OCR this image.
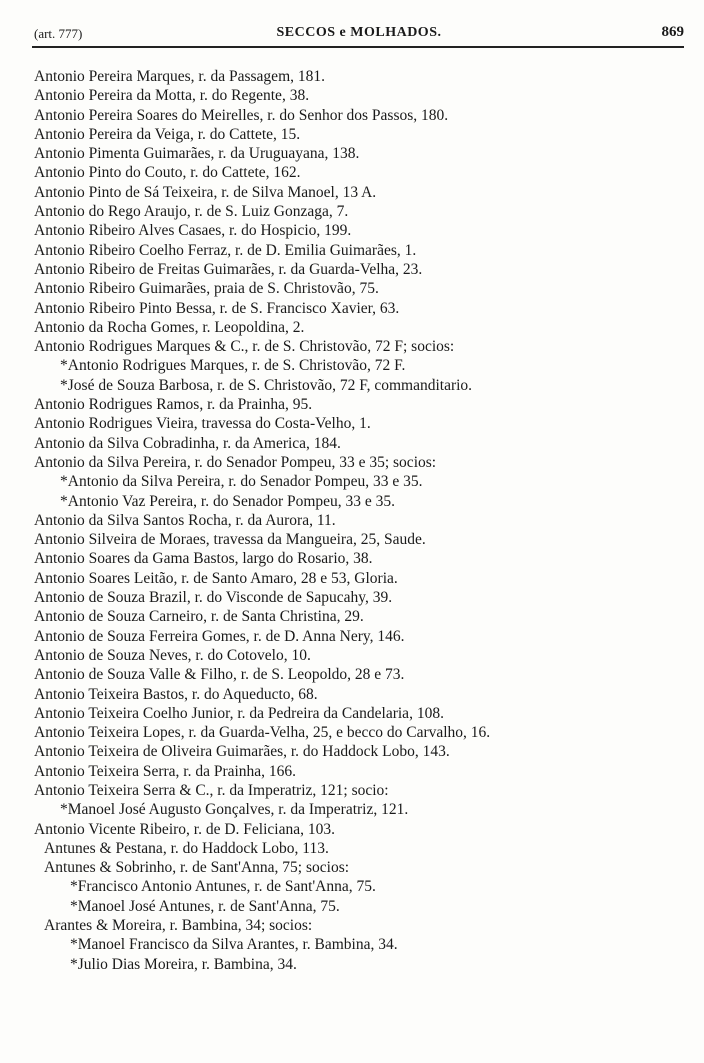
(art. 777)	SECCOS e MOLHADOS.	869
Antonio Pereira Marques, r. da Passagem, 181.
Antonio Pereira da Motta, r. do Regente, 38.
Antonio Pereira Soares do Meirelles, r. do Senhor dos Passos, 180.
Antonio Pereira da Veiga, r. do Cattete, 15.
Antonio Pimenta Guimarães, r. da Uruguayana, 138.
Antonio Pinto do Couto, r. do Cattete, 162.
Antonio Pinto de Sá Teixeira, r. de Silva Manoel, 13 A.
Antonio do Rego Araujo, r. de S. Luiz Gonzaga, 7.
Antonio Ribeiro Alves Casaes, r. do Hospicio, 199.
Antonio Ribeiro Coelho Ferraz, r. de D. Emilia Guimarães, 1.
Antonio Ribeiro de Freitas Guimarães, r. da Guarda-Velha, 23.
Antonio Ribeiro Guimarães, praia de S. Christovão, 75.
Antonio Ribeiro Pinto Bessa, r. de S. Francisco Xavier, 63.
Antonio da Rocha Gomes, r. Leopoldina, 2.
Antonio Rodrigues Marques & C., r. de S. Christovão, 72 F; socios:
*Antonio Rodrigues Marques, r. de S. Christovão, 72 F.
*José de Souza Barbosa, r. de S. Christovão, 72 F, commanditario.
Antonio Rodrigues Ramos, r. da Prainha, 95.
Antonio Rodrigues Vieira, travessa do Costa-Velho, 1.
Antonio da Silva Cobradinha, r. da America, 184.
Antonio da Silva Pereira, r. do Senador Pompeu, 33 e 35; socios:
*Antonio da Silva Pereira, r. do Senador Pompeu, 33 e 35.
*Antonio Vaz Pereira, r. do Senador Pompeu, 33 e 35.
Antonio da Silva Santos Rocha, r. da Aurora, 11.
Antonio Silveira de Moraes, travessa da Mangueira, 25, Saude.
Antonio Soares da Gama Bastos, largo do Rosario, 38.
Antonio Soares Leitão, r. de Santo Amaro, 28 e 53, Gloria.
Antonio de Souza Brazil, r. do Visconde de Sapucahy, 39.
Antonio de Souza Carneiro, r. de Santa Christina, 29.
Antonio de Souza Ferreira Gomes, r. de D. Anna Nery, 146.
Antonio de Souza Neves, r. do Cotovelo, 10.
Antonio de Souza Valle & Filho, r. de S. Leopoldo, 28 e 73.
Antonio Teixeira Bastos, r. do Aqueducto, 68.
Antonio Teixeira Coelho Junior, r. da Pedreira da Candelaria, 108.
Antonio Teixeira Lopes, r. da Guarda-Velha, 25, e becco do Carvalho, 16.
Antonio Teixeira de Oliveira Guimarães, r. do Haddock Lobo, 143.
Antonio Teixeira Serra, r. da Prainha, 166.
Antonio Teixeira Serra & C., r. da Imperatriz, 121; socio:
*Manoel José Augusto Gonçalves, r. da Imperatriz, 121.
Antonio Vicente Ribeiro, r. de D. Feliciana, 103.
Antunes & Pestana, r. do Haddock Lobo, 113.
Antunes & Sobrinho, r. de Sant'Anna, 75; socios:
*Francisco Antonio Antunes, r. de Sant'Anna, 75.
*Manoel José Antunes, r. de Sant'Anna, 75.
Arantes & Moreira, r. Bambina, 34; socios:
*Manoel Francisco da Silva Arantes, r. Bambina, 34.
*Julio Dias Moreira, r. Bambina, 34.
